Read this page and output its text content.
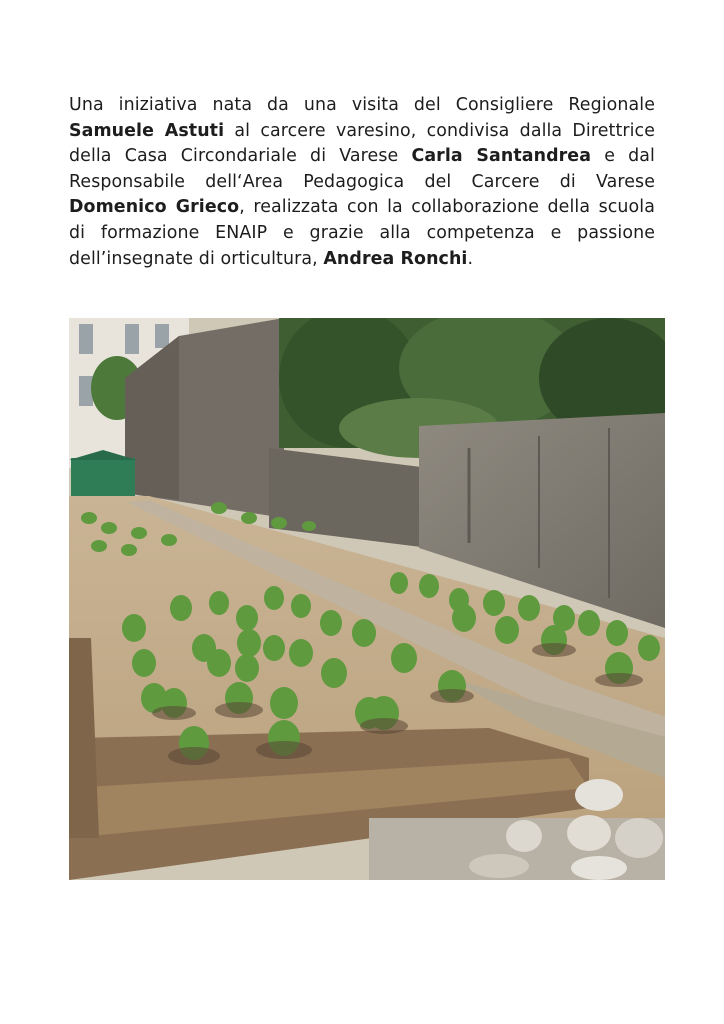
Una iniziativa nata da una visita del Consigliere Regionale Samuele Astuti al carcere varesino, condivisa dalla Direttrice della Casa Circondariale di Varese Carla Santandrea e dal Responsabile dell‘Area Pedagogica del Carcere di Varese Domenico Grieco, realizzata con la collaborazione della scuola di formazione ENAIP e grazie alla competenza e passione dell’insegnate di orticultura, Andrea Ronchi.
